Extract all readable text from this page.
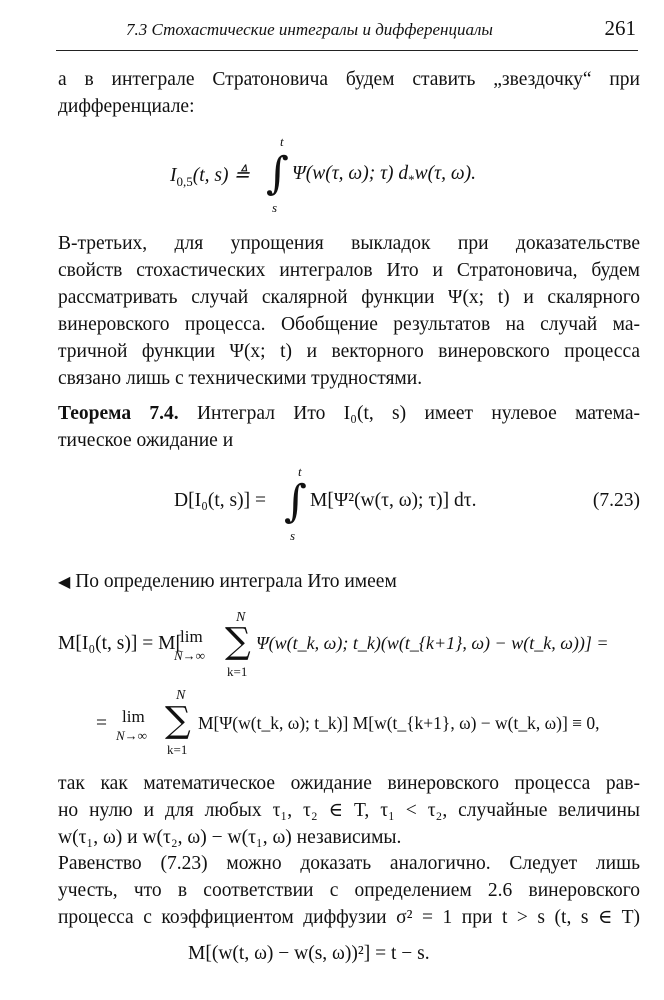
7.3 Стохастические интегралы и дифференциалы	261
а в интеграле Стратоновича будем ставить „звездочку“ при
дифференциале:
$I_{0,5}(t$, s) ≜
t
∫
s
Ψ(w(τ, ω); τ) $d_*w(\tau$, ω).
В-третьих, для упрощения выкладок при доказательстве
свойств стохастических интегралов Ито и Стратоновича, будем
рассматривать случай скалярной функции Ψ(x; t) и скалярного
винеровского процесса. Обобщение результатов на случай ма-
тричной функции Ψ(x; t) и векторного винеровского процесса
связано лишь с техническими трудностями.
Теорема 7.4. Интеграл Ито I₀(t, s) имеет нулевое матема-
тическое ожидание и
D[I₀(t, s)] =
t
∫
s
M[Ψ²(w(τ, ω); τ)] dτ.	(7.23)
◀ По определению интеграла Ито имеем
M[I₀(t, s)] = M[
lim
N→∞
N
∑
k=1
Ψ(w(t_k, ω); t_k)(w(t_{k+1}, ω) − w(t_k, ω))] =
= lim
N→∞
N
∑
k=1
M[Ψ(w(t_k, ω); t_k)] M[w(t_{k+1}, ω) − w(t_k, ω)] ≡ 0,
так как математическое ожидание винеровского процесса рав-
но нулю и для любых τ₁, τ₂ ∈ T, τ₁ < τ₂, случайные величины
w(τ₁, ω) и w(τ₂, ω) − w(τ₁, ω) независимы.
Равенство (7.23) можно доказать аналогично. Следует лишь
учесть, что в соответствии с определением 2.6 винеровского
процесса с коэффициентом диффузии σ² = 1 при t > s (t, s ∈ T)
M[(w(t, ω) − w(s, ω))²] = t − s.
